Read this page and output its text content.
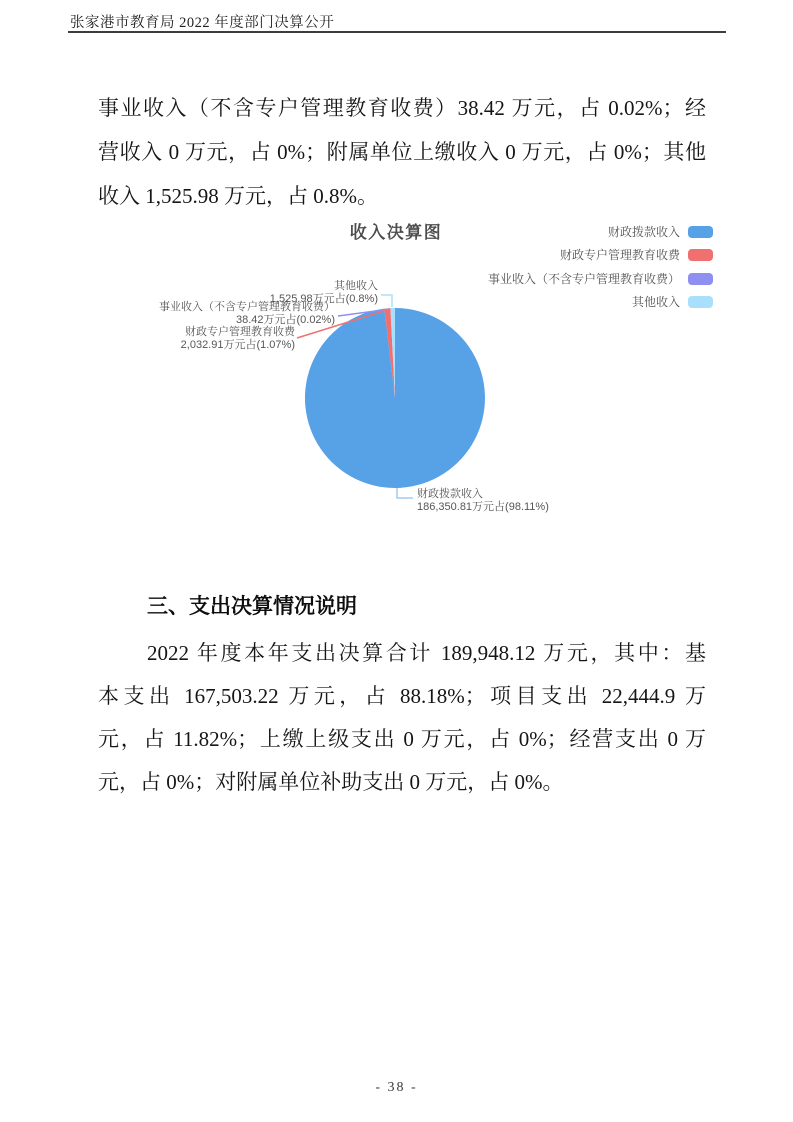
张家港市教育局 2022 年度部门决算公开
事业收入（不含专户管理教育收费）38.42 万元，占 0.02%；经
营收入 0 万元，占 0%；附属单位上缴收入 0 万元，占 0%；其他
收入 1,525.98 万元，占 0.8%。
收入决算图
其他收入
1,525.98万元占(0.8%)
事业收入（不含专户管理教育收费）
38.42万元占(0.02%)
财政专户管理教育收费
2,032.91万元占(1.07%)
财政拨款收入
186,350.81万元占(98.11%)
财政拨款收入
财政专户管理教育收费
事业收入（不含专户管理教育收费）
其他收入
三、支出决算情况说明
2022 年度本年支出决算合计 189,948.12 万元，其中：基
本支出 167,503.22 万元，占 88.18%；项目支出 22,444.9 万
元，占 11.82%；上缴上级支出 0 万元，占 0%；经营支出 0 万
元，占 0%；对附属单位补助支出 0 万元，占 0%。
- 38 -
